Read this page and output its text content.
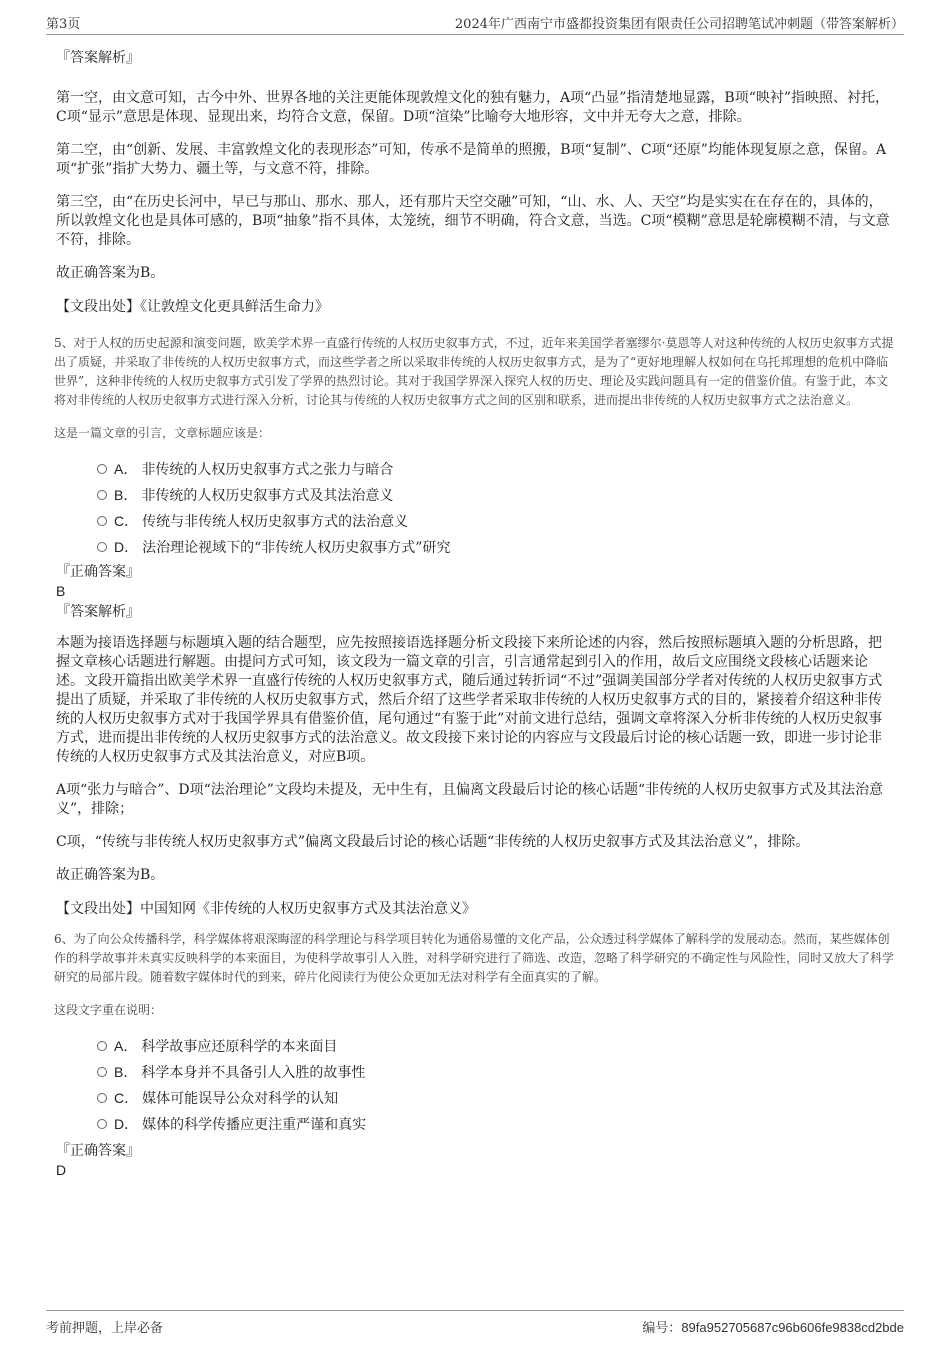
第3页	2024年广西南宁市盛都投资集团有限责任公司招聘笔试冲刺题（带答案解析）

『答案解析』

第一空，由文意可知，古今中外、世界各地的关注更能体现敦煌文化的独有魅力，A项“凸显”指清楚地显露，B项“映衬”指映照、衬托，C项“显示”意思是体现、显现出来，均符合文意，保留。D项“渲染”比喻夸大地形容，文中并无夸大之意，排除。

第二空，由“创新、发展、丰富敦煌文化的表现形态”可知，传承不是简单的照搬，B项“复制”、C项“还原”均能体现复原之意，保留。A项“扩张”指扩大势力、疆土等，与文意不符，排除。

第三空，由“在历史长河中，早已与那山、那水、那人，还有那片天空交融”可知，“山、水、人、天空”均是实实在在存在的，具体的，所以敦煌文化也是具体可感的，B项“抽象”指不具体，太笼统，细节不明确，符合文意，当选。C项“模糊”意思是轮廓模糊不清，与文意不符，排除。

故正确答案为B。

【文段出处】《让敦煌文化更具鲜活生命力》

5、对于人权的历史起源和演变问题，欧美学术界一直盛行传统的人权历史叙事方式，不过，近年来美国学者塞缪尔·莫恩等人对这种传统的人权历史叙事方式提出了质疑，并采取了非传统的人权历史叙事方式，而这些学者之所以采取非传统的人权历史叙事方式，是为了“更好地理解人权如何在乌托邦理想的危机中降临世界”，这种非传统的人权历史叙事方式引发了学界的热烈讨论。其对于我国学界深入探究人权的历史、理论及实践问题具有一定的借鉴价值。有鉴于此，本文将对非传统的人权历史叙事方式进行深入分析，讨论其与传统的人权历史叙事方式之间的区别和联系，进而提出非传统的人权历史叙事方式之法治意义。

这是一篇文章的引言，文章标题应该是：

A． 非传统的人权历史叙事方式之张力与暗合
B． 非传统的人权历史叙事方式及其法治意义
C． 传统与非传统人权历史叙事方式的法治意义
D． 法治理论视域下的“非传统人权历史叙事方式”研究

『正确答案』

B

『答案解析』

本题为接语选择题与标题填入题的结合题型，应先按照接语选择题分析文段接下来所论述的内容，然后按照标题填入题的分析思路，把握文章核心话题进行解题。由提问方式可知，该文段为一篇文章的引言，引言通常起到引入的作用，故后文应围绕文段核心话题来论述。文段开篇指出欧美学术界一直盛行传统的人权历史叙事方式，随后通过转折词“不过”强调美国部分学者对传统的人权历史叙事方式提出了质疑，并采取了非传统的人权历史叙事方式，然后介绍了这些学者采取非传统的人权历史叙事方式的目的，紧接着介绍这种非传统的人权历史叙事方式对于我国学界具有借鉴价值，尾句通过“有鉴于此”对前文进行总结，强调文章将深入分析非传统的人权历史叙事方式，进而提出非传统的人权历史叙事方式的法治意义。故文段接下来讨论的内容应与文段最后讨论的核心话题一致，即进一步讨论非传统的人权历史叙事方式及其法治意义，对应B项。

A项“张力与暗合”、D项“法治理论”文段均未提及，无中生有，且偏离文段最后讨论的核心话题“非传统的人权历史叙事方式及其法治意义”，排除；

C项，“传统与非传统人权历史叙事方式”偏离文段最后讨论的核心话题“非传统的人权历史叙事方式及其法治意义”，排除。

故正确答案为B。

【文段出处】中国知网《非传统的人权历史叙事方式及其法治意义》

6、为了向公众传播科学，科学媒体将艰深晦涩的科学理论与科学项目转化为通俗易懂的文化产品，公众透过科学媒体了解科学的发展动态。然而，某些媒体创作的科学故事并未真实反映科学的本来面目，为使科学故事引人入胜，对科学研究进行了筛选、改造，忽略了科学研究的不确定性与风险性，同时又放大了科学研究的局部片段。随着数字媒体时代的到来，碎片化阅读行为使公众更加无法对科学有全面真实的了解。

这段文字重在说明：

A． 科学故事应还原科学的本来面目
B． 科学本身并不具备引人入胜的故事性
C． 媒体可能误导公众对科学的认知
D． 媒体的科学传播应更注重严谨和真实

『正确答案』

D

考前押题，上岸必备	编号：89fa952705687c96b606fe9838cd2bde
